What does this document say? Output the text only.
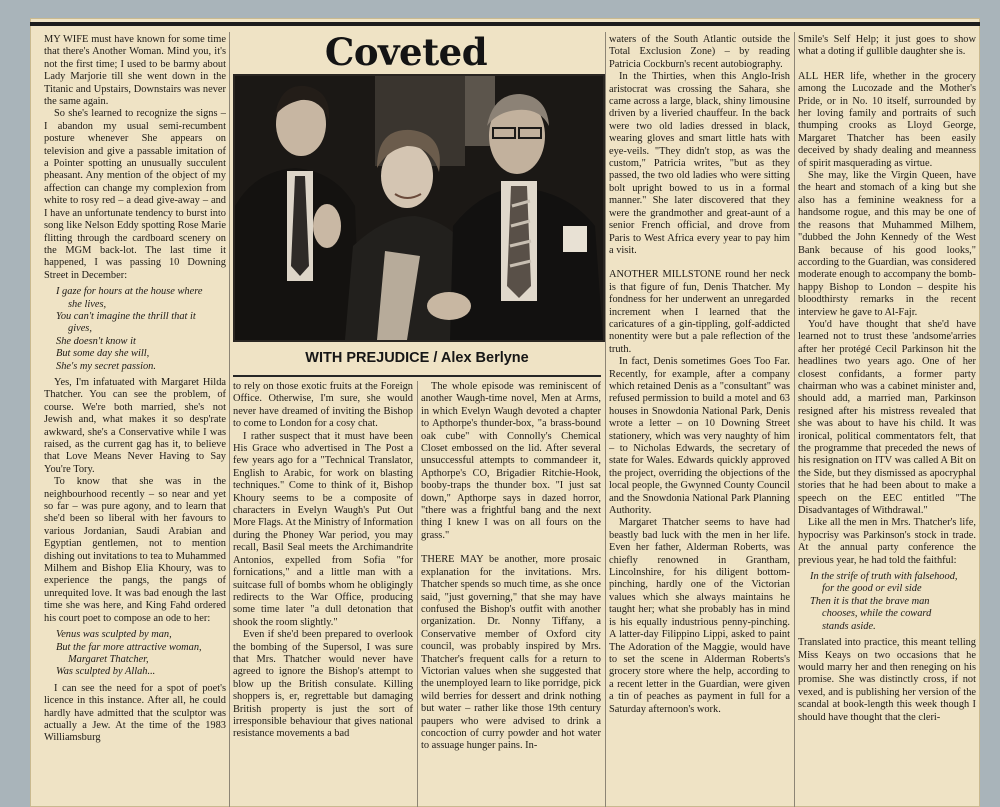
MY WIFE must have known for some time that there's Another Woman. Mind you, it's not the first time; I used to be barmy about Lady Marjorie till she went down in the Titanic and Upstairs, Downstairs was never the same again.

So she's learned to recognize the signs – I abandon my usual semi-recumbent posture whenever She appears on television and give a passable imitation of a Pointer spotting an unusually succulent pheasant. Any mention of the object of my affection can change my complexion from white to rosy red – a dead give-away – and I have an unfortunate tendency to burst into song like Nelson Eddy spotting Rose Marie flitting through the cardboard scenery on the MGM back-lot. The last time it happened, I was passing 10 Downing Street in December:

I gaze for hours at the house where
she lives,
You can't imagine the thrill that it
gives,
She doesn't know it
But some day she will,
She's my secret passion.

Yes, I'm infatuated with Margaret Hilda Thatcher. You can see the problem, of course. We're both married, she's not Jewish and, what makes it so desp'rate awkward, she's a Conservative while I was raised, as the current gag has it, to believe that Love Means Never Having to Say You're Tory.

To know that she was in the neighbourhood recently – so near and yet so far – was pure agony, and to learn that she'd been so liberal with her favours to various Jordanian, Saudi Arabian and Egyptian gentlemen, not to mention dishing out invitations to tea to Muhammed Milhem and Bishop Elia Khoury, was to experience the pangs, the pangs of unrequited love. It was bad enough the last time she was here, and King Fahd ordered his court poet to compose an ode to her:

Venus was sculpted by man,
But the far more attractive woman,
Margaret Thatcher,
Was sculpted by Allah...

I can see the need for a spot of poet's licence in this instance. After all, he could hardly have admitted that the sculptor was actually a Jew. At the time of the 1983 Williamsburg

Coveted
WITH PREJUDICE / Alex Berlyne

to rely on those exotic fruits at the Foreign Office. Otherwise, I'm sure, she would never have dreamed of inviting the Bishop to come to London for a cosy chat.

I rather suspect that it must have been His Grace who advertised in The Post a few years ago for a "Technical Translator, English to Arabic, for work on blasting techniques." Come to think of it, Bishop Khoury seems to be a composite of characters in Evelyn Waugh's Put Out More Flags. At the Ministry of Information during the Phoney War period, you may recall, Basil Seal meets the Archimandrite Antonios, expelled from Sofia "for fornications," and a little man with a suitcase full of bombs whom he obligingly redirects to the War Office, producing some time later "a dull detonation that shook the room slightly."

Even if she'd been prepared to overlook the bombing of the Supersol, I was sure that Mrs. Thatcher would never have agreed to ignore the Bishop's attempt to blow up the British consulate. Killing shoppers is, er, regrettable but damaging British property is just the sort of irresponsible behaviour that gives national resistance movements a bad

The whole episode was reminiscent of another Waugh-time novel, Men at Arms, in which Evelyn Waugh devoted a chapter to Apthorpe's thunder-box, "a brass-bound oak cube" with Connolly's Chemical Closet embossed on the lid. After several unsuccessful attempts to commandeer it, Apthorpe's CO, Brigadier Ritchie-Hook, booby-traps the thunder box. "I just sat down," Apthorpe says in dazed horror, "there was a frightful bang and the next thing I knew I was on all fours on the grass."

THERE MAY be another, more prosaic explanation for the invitations. Mrs. Thatcher spends so much time, as she once said, "just governing," that she may have confused the Bishop's outfit with another organization. Dr. Nonny Tiffany, a Conservative member of Oxford city council, was probably inspired by Mrs. Thatcher's frequent calls for a return to Victorian values when she suggested that the unemployed learn to like porridge, pick wild berries for dessert and drink nothing but water – rather like those 19th century paupers who were advised to drink a concoction of curry powder and hot water to assuage hunger pains. In-

waters of the South Atlantic outside the Total Exclusion Zone) – by reading Patricia Cockburn's recent autobiography.

In the Thirties, when this Anglo-Irish aristocrat was crossing the Sahara, she came across a large, black, shiny limousine driven by a liveried chauffeur. In the back were two old ladies dressed in black, wearing gloves and smart little hats with eye-veils. "They didn't stop, as was the custom," Patricia writes, "but as they passed, the two old ladies who were sitting bolt upright bowed to us in a formal manner." She later discovered that they were the grandmother and great-aunt of a senior French official, and drove from Paris to West Africa every year to pay him a visit.

ANOTHER MILLSTONE round her neck is that figure of fun, Denis Thatcher. My fondness for her underwent an unregarded increment when I learned that the caricatures of a gin-tippling, golf-addicted nonentity were but a pale reflection of the truth.

In fact, Denis sometimes Goes Too Far. Recently, for example, after a company which retained Denis as a "consultant" was refused permission to build a motel and 63 houses in Snowdonia National Park, Denis wrote a letter – on 10 Downing Street stationery, which was very naughty of him – to Nicholas Edwards, the secretary of state for Wales. Edwards quickly approved the project, overriding the objections of the local people, the Gwynned County Council and the Snowdonia National Park Planning Authority.

Margaret Thatcher seems to have had beastly bad luck with the men in her life. Even her father, Alderman Roberts, was chiefly renowned in Grantham, Lincolnshire, for his diligent bottom-pinching, hardly one of the Victorian values which she always maintains he taught her; what she probably has in mind is his equally industrious penny-pinching. A latter-day Filippino Lippi, asked to paint The Adoration of the Maggie, would have to set the scene in Alderman Roberts's grocery store where the help, according to a recent letter in the Guardian, were given a tin of peaches as payment in full for a Saturday afternoon's work.

Smile's Self Help; it just goes to show what a doting if gullible daughter she is.

ALL HER life, whether in the grocery among the Lucozade and the Mother's Pride, or in No. 10 itself, surrounded by her loving family and portraits of such thumping crooks as Lloyd George, Margaret Thatcher has been easily deceived by shady dealing and meanness of spirit masquerading as virtue.

She may, like the Virgin Queen, have the heart and stomach of a king but she also has a feminine weakness for a handsome rogue, and this may be one of the reasons that Muhammed Milhem, "dubbed the John Kennedy of the West Bank because of his good looks," according to the Guardian, was considered moderate enough to accompany the bomb-happy Bishop to London – despite his bloodthirsty remarks in the recent interview he gave to Al-Fajr.

You'd have thought that she'd have learned not to trust these 'andsome'arries after her protégé Cecil Parkinson hit the headlines two years ago. One of her closest confidants, a former party chairman who was a cabinet minister and, should add, a married man, Parkinson resigned after his mistress revealed that she was about to have his child. It was ironical, political commentators felt, that the programme that preceded the news of his resignation on ITV was called A Bit on the Side, but they dismissed as apocryphal stories that he had been about to make a speech on the EEC entitled "The Disadvantages of Withdrawal."

Like all the men in Mrs. Thatcher's life, hypocrisy was Parkinson's stock in trade. At the annual party conference the previous year, he had told the faithful:

In the strife of truth with falsehood,
for the good or evil side
Then it is that the brave man
chooses, while the coward
stands aside.

Translated into practice, this meant telling Miss Keays on two occasions that he would marry her and then reneging on his promise. She was distinctly cross, if not vexed, and is publishing her version of the scandal at book-length this week though I should have thought that the cleri-
